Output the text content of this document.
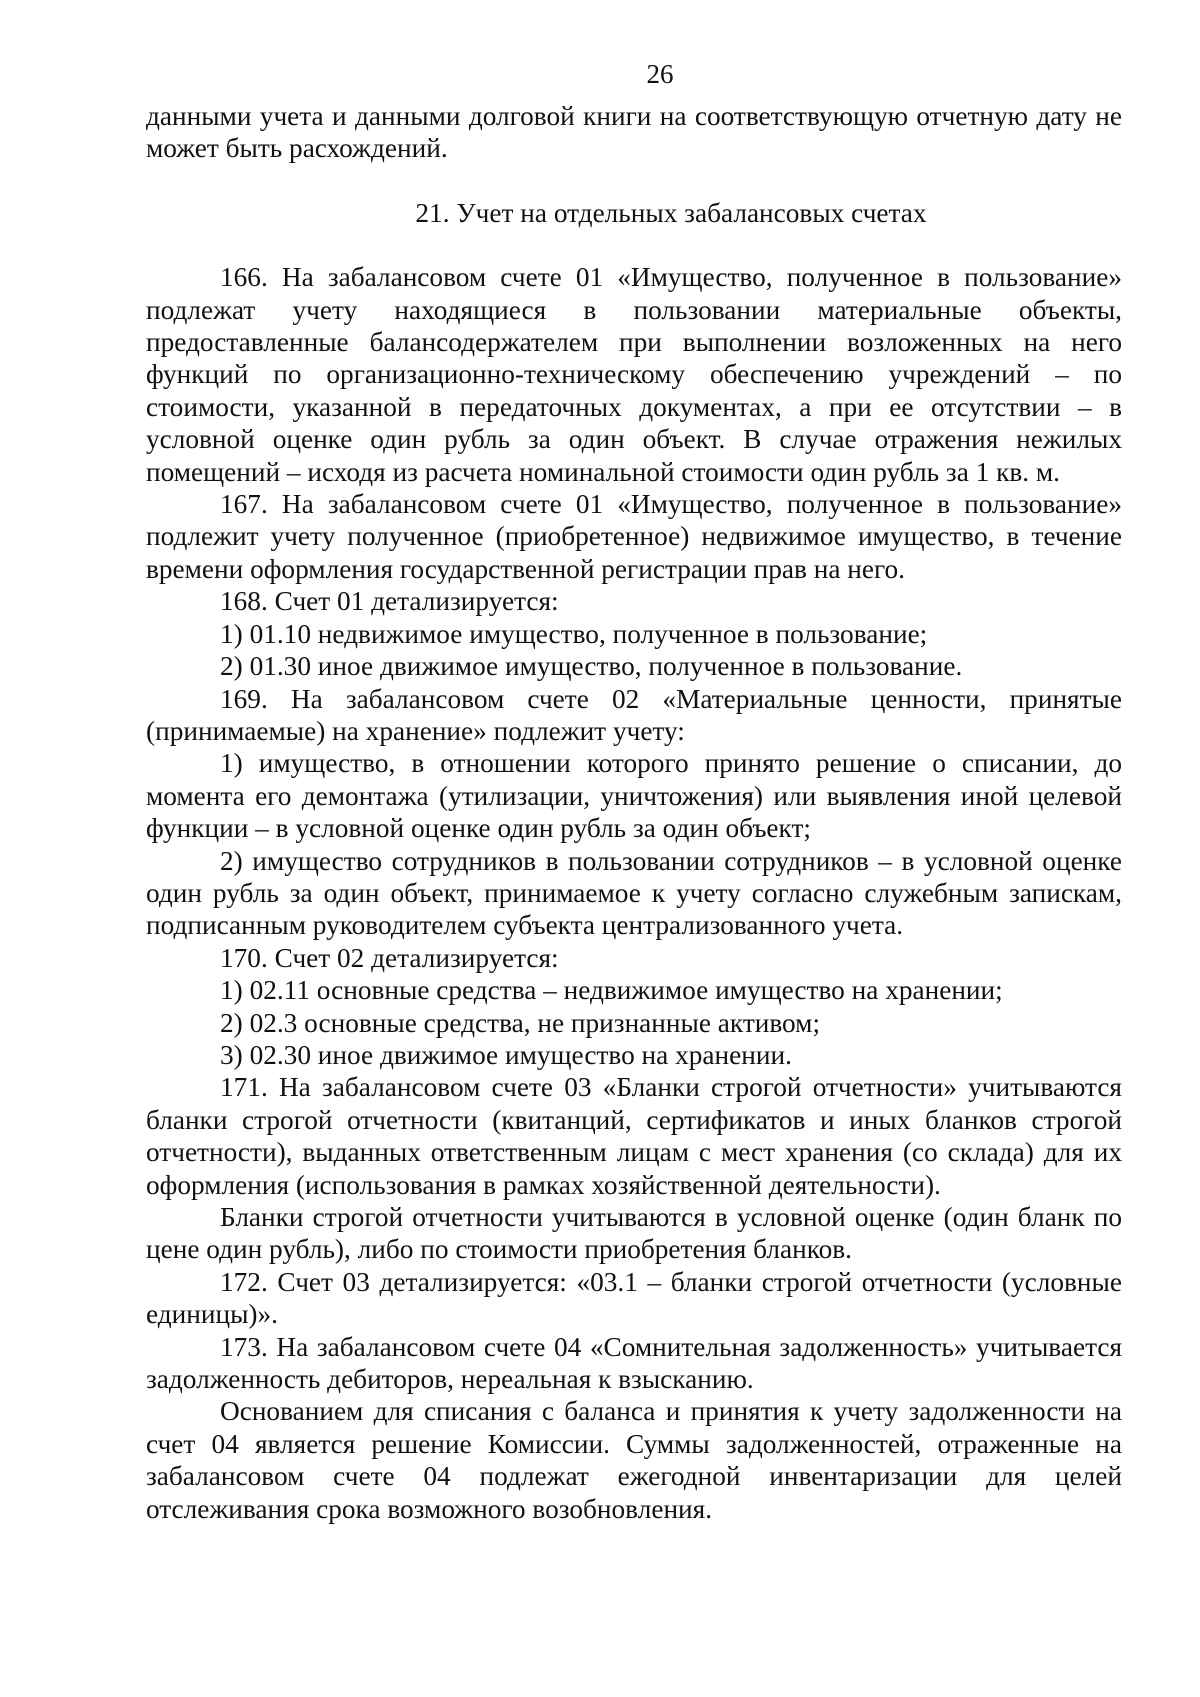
26

данными учета и данными долговой книги на соответствующую отчетную дату не может быть расхождений.

21. Учет на отдельных забалансовых счетах

166. На забалансовом счете 01 «Имущество, полученное в пользование» подлежат учету находящиеся в пользовании материальные объекты, предоставленные балансодержателем при выполнении возложенных на него функций по организационно-техническому обеспечению учреждений – по стоимости, указанной в передаточных документах, а при ее отсутствии – в условной оценке один рубль за один объект. В случае отражения нежилых помещений – исходя из расчета номинальной стоимости один рубль за 1 кв. м.

167. На забалансовом счете 01 «Имущество, полученное в пользование» подлежит учету полученное (приобретенное) недвижимое имущество, в течение времени оформления государственной регистрации прав на него.

168. Счет 01 детализируется:

1) 01.10 недвижимое имущество, полученное в пользование;

2) 01.30 иное движимое имущество, полученное в пользование.

169. На забалансовом счете 02 «Материальные ценности, принятые (принимаемые) на хранение» подлежит учету:

1) имущество, в отношении которого принято решение о списании, до момента его демонтажа (утилизации, уничтожения) или выявления иной целевой функции – в условной оценке один рубль за один объект;

2) имущество сотрудников в пользовании сотрудников – в условной оценке один рубль за один объект, принимаемое к учету согласно служебным запискам, подписанным руководителем субъекта централизованного учета.

170. Счет 02 детализируется:

1) 02.11 основные средства – недвижимое имущество на хранении;

2) 02.3 основные средства, не признанные активом;

3) 02.30 иное движимое имущество на хранении.

171. На забалансовом счете 03 «Бланки строгой отчетности» учитываются бланки строгой отчетности (квитанций, сертификатов и иных бланков строгой отчетности), выданных ответственным лицам с мест хранения (со склада) для их оформления (использования в рамках хозяйственной деятельности).

Бланки строгой отчетности учитываются в условной оценке (один бланк по цене один рубль), либо по стоимости приобретения бланков.

172. Счет 03 детализируется: «03.1 – бланки строгой отчетности (условные единицы)».

173. На забалансовом счете 04 «Сомнительная задолженность» учитывается задолженность дебиторов, нереальная к взысканию.

Основанием для списания с баланса и принятия к учету задолженности на счет 04 является решение Комиссии. Суммы задолженностей, отраженные на забалансовом счете 04 подлежат ежегодной инвентаризации для целей отслеживания срока возможного возобновления.
